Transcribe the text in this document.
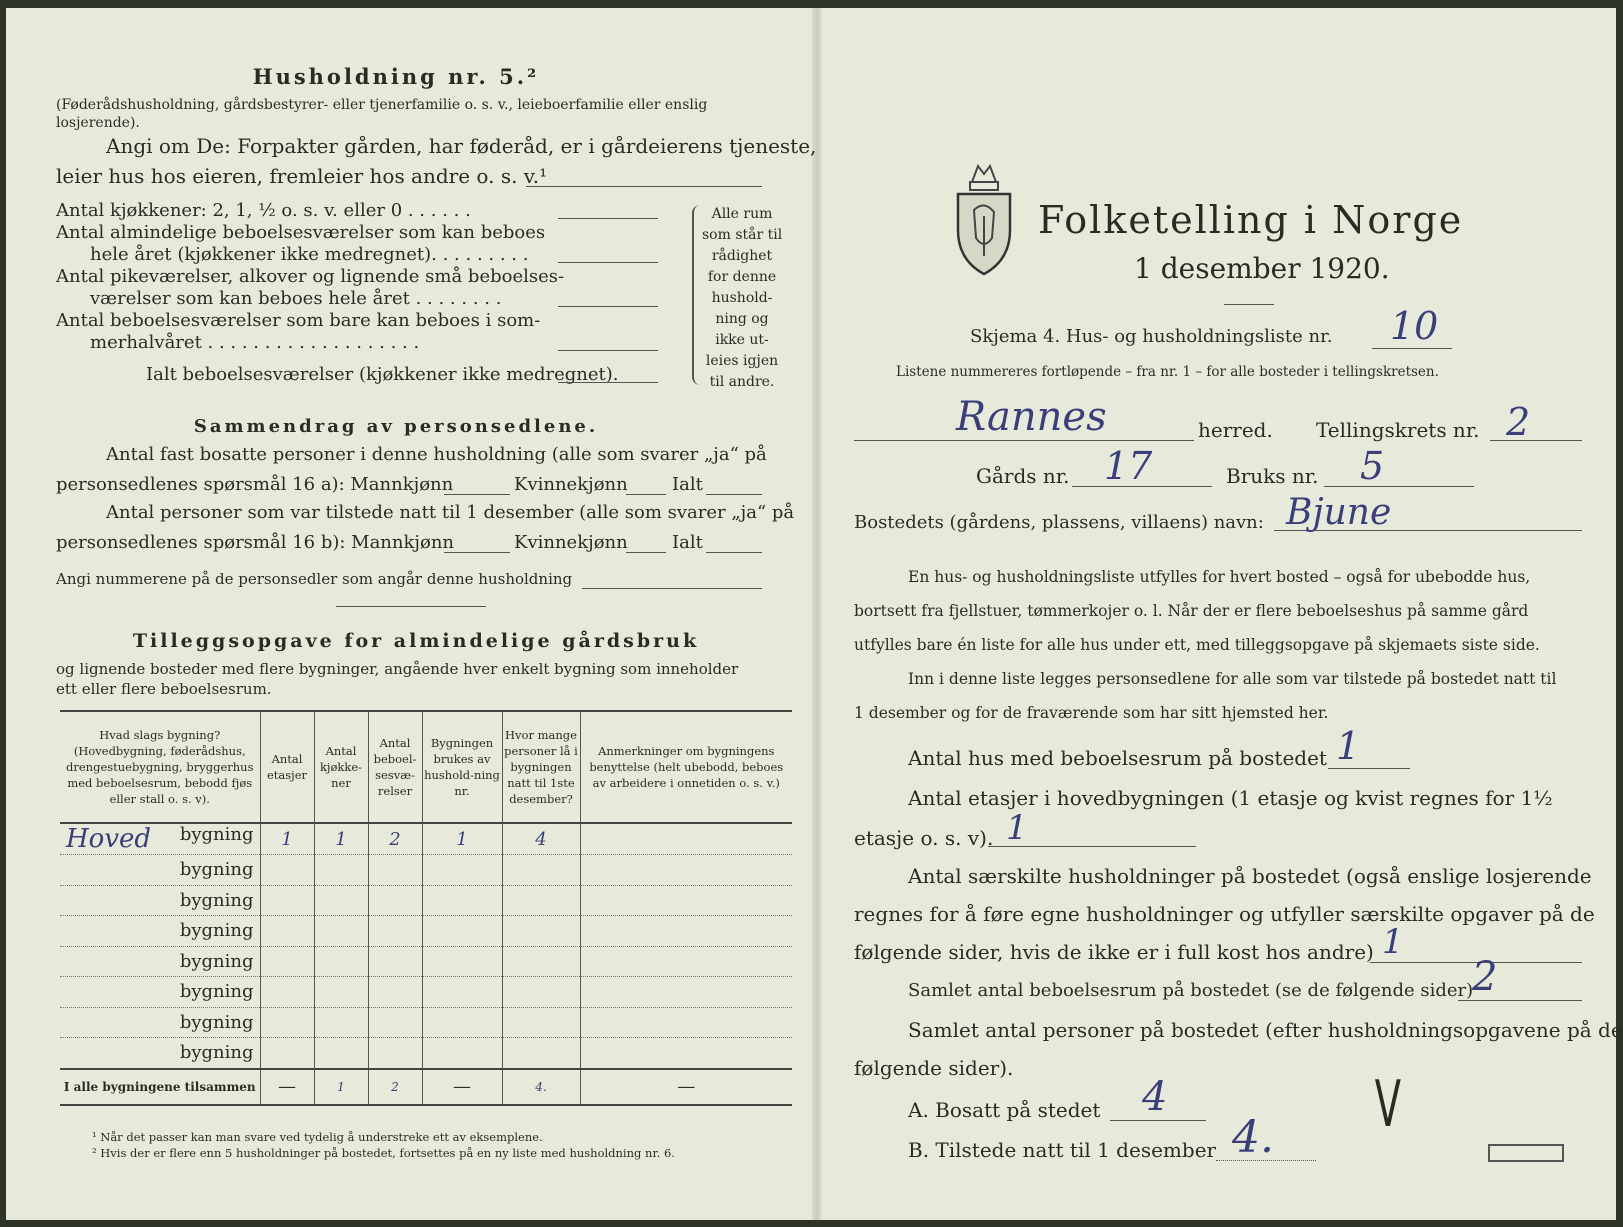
Husholdning nr. 5.²
(Føderådshusholdning, gårdsbestyrer- eller tjenerfamilie o. s. v., leieboerfamilie eller enslig losjerende).
Angi om De: Forpakter gården, har føderåd, er i gårdeierens tjeneste,
leier hus hos eieren, fremleier hos andre o. s. v.¹
Antal kjøkkener: 2, 1, ½ o. s. v. eller 0 . . . . . .
Antal almindelige beboelsesværelser som kan beboes
hele året (kjøkkener ikke medregnet). . . . . . . . .
Antal pikeværelser, alkover og lignende små beboelses-
værelser som kan beboes hele året . . . . . . . .
Antal beboelsesværelser som bare kan beboes i som-
merhalvåret . . . . . . . . . . . . . . . . . . .
Ialt beboelsesværelser (kjøkkener ikke medregnet).
Alle rum
som står til
rådighet
for denne
hushold-
ning og
ikke ut-
leies igjen
til andre.
Sammendrag av personsedlene.
Antal fast bosatte personer i denne husholdning (alle som svarer „ja“ på
personsedlenes spørsmål 16 a): Mannkjønn	Kvinnekjønn Ialt
Antal personer som var tilstede natt til 1 desember (alle som svarer „ja“ på
personsedlenes spørsmål 16 b): Mannkjønn	Kvinnekjønn Ialt
Angi nummerene på de personsedler som angår denne husholdning
Tilleggsopgave for almindelige gårdsbruk
og lignende bosteder med flere bygninger, angående hver enkelt bygning som inneholder
ett eller flere beboelsesrum.
Hvad slags bygning? (Hovedbygning, føderådshus, drengestuebygning, bryggerhus med beboelsesrum, bebodd fjøs eller stall o. s. v).	Antal etasjer	Antal kjøkke-ner	Antal beboel-sesvæ-relser	Bygningen brukes av hushold-ning nr.	Hvor mange personer lå i bygningen natt til 1ste desember?	Anmerkninger om bygningens benyttelse (helt ubebodd, beboes av arbeidere i onnetiden o. s. v.)

Hoved bygning	1	1	2	1	4	
bygning						
bygning						
bygning						
bygning						
bygning						
bygning						
bygning						
I alle bygningene tilsammen	—	1	2	—	4.	—
¹ Når det passer kan man svare ved tydelig å understreke ett av eksemplene.
² Hvis der er flere enn 5 husholdninger på bostedet, fortsettes på en ny liste med husholdning nr. 6.
Folketelling i Norge
1 desember 1920.
Skjema 4. Hus- og husholdningsliste nr. 10
Listene nummereres fortløpende – fra nr. 1 – for alle bosteder i tellingskretsen.
Rannes	herred. Tellingskrets nr. 2
Gårds nr. 17	Bruks nr. 5
Bostedets (gårdens, plassens, villaens) navn: Bjune
En hus- og husholdningsliste utfylles for hvert bosted – også for ubebodde hus,
bortsett fra fjellstuer, tømmerkojer o. l. Når der er flere beboelseshus på samme gård
utfylles bare én liste for alle hus under ett, med tilleggsopgave på skjemaets siste side.
Inn i denne liste legges personsedlene for alle som var tilstede på bostedet natt til
1 desember og for de fraværende som har sitt hjemsted her.
Antal hus med beboelsesrum på bostedet 1
Antal etasjer i hovedbygningen (1 etasje og kvist regnes for 1½
etasje o. s. v). 1
Antal særskilte husholdninger på bostedet (også enslige losjerende
regnes for å føre egne husholdninger og utfyller særskilte opgaver på de
følgende sider, hvis de ikke er i full kost hos andre) 1
Samlet antal beboelsesrum på bostedet (se de følgende sider)
2
Samlet antal personer på bostedet (efter husholdningsopgavene på de
følgende sider).
A. Bosatt på stedet 4
B. Tilstede natt til 1 desember 4. V
